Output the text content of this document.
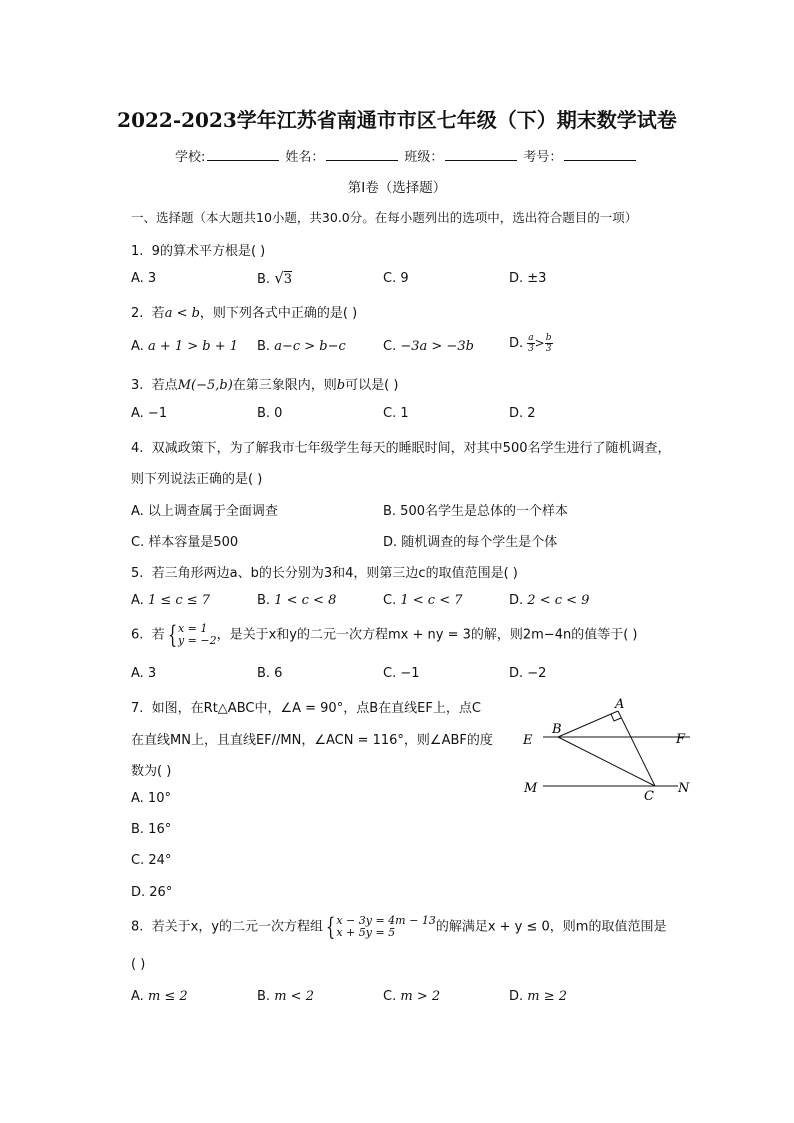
2022-2023学年江苏省南通市市区七年级（下）期末数学试卷
学校:	姓名：	班级：	考号：
第I卷（选择题）
一、选择题（本大题共10小题，共30.0分。在每小题列出的选项中，选出符合题目的一项）
1. 9的算术平方根是( )
A. 3	B. √3	C. 9	D. ±3
2. 若a < b，则下列各式中正确的是( )
A. a + 1 > b + 1 B. a−c > b−c	C. −3a > −3b	D. $\frac{a}{3} > \frac{b}{3}$
3. 若点M(−5,b)在第三象限内，则b可以是( )
A. −1	B. 0	C. 1	D. 2
4. 双减政策下，为了解我市七年级学生每天的睡眠时间，对其中500名学生进行了随机调查，
则下列说法正确的是( )
A. 以上调查属于全面调查	B. 500名学生是总体的一个样本
C. 样本容量是500	D. 随机调查的每个学生是个体
5. 若三角形两边a、b的长分别为3和4，则第三边c的取值范围是( )
A. 1 ≤ c ≤ 7	B. 1 < c < 8	C. 1 < c < 7	D. 2 < c < 9
6. 若 { x = 1
y = −2 ，是关于x和y的二元一次方程mx + ny = 3的解，则2m−4n的值等于( )
A. 3	B. 6	C. −1	D. −2
7. 如图，在Rt△ABC中，∠A = 90°，点B在直线EF上，点C
在直线MN上，且直线EF//MN，∠ACN = 116°，则∠ABF的度
数为( )
A. 10°
B. 16°
C. 24°
D. 26°
A
B
C
E	F
M	N
8. 若关于x，y的二元一次方程组 { x − 3y = 4m − 13
x + 5y = 5	的解满足x + y ≤ 0，则m的取值范围是
( )
A. m ≤ 2	B. m < 2	C. m > 2	D. m ≥ 2
